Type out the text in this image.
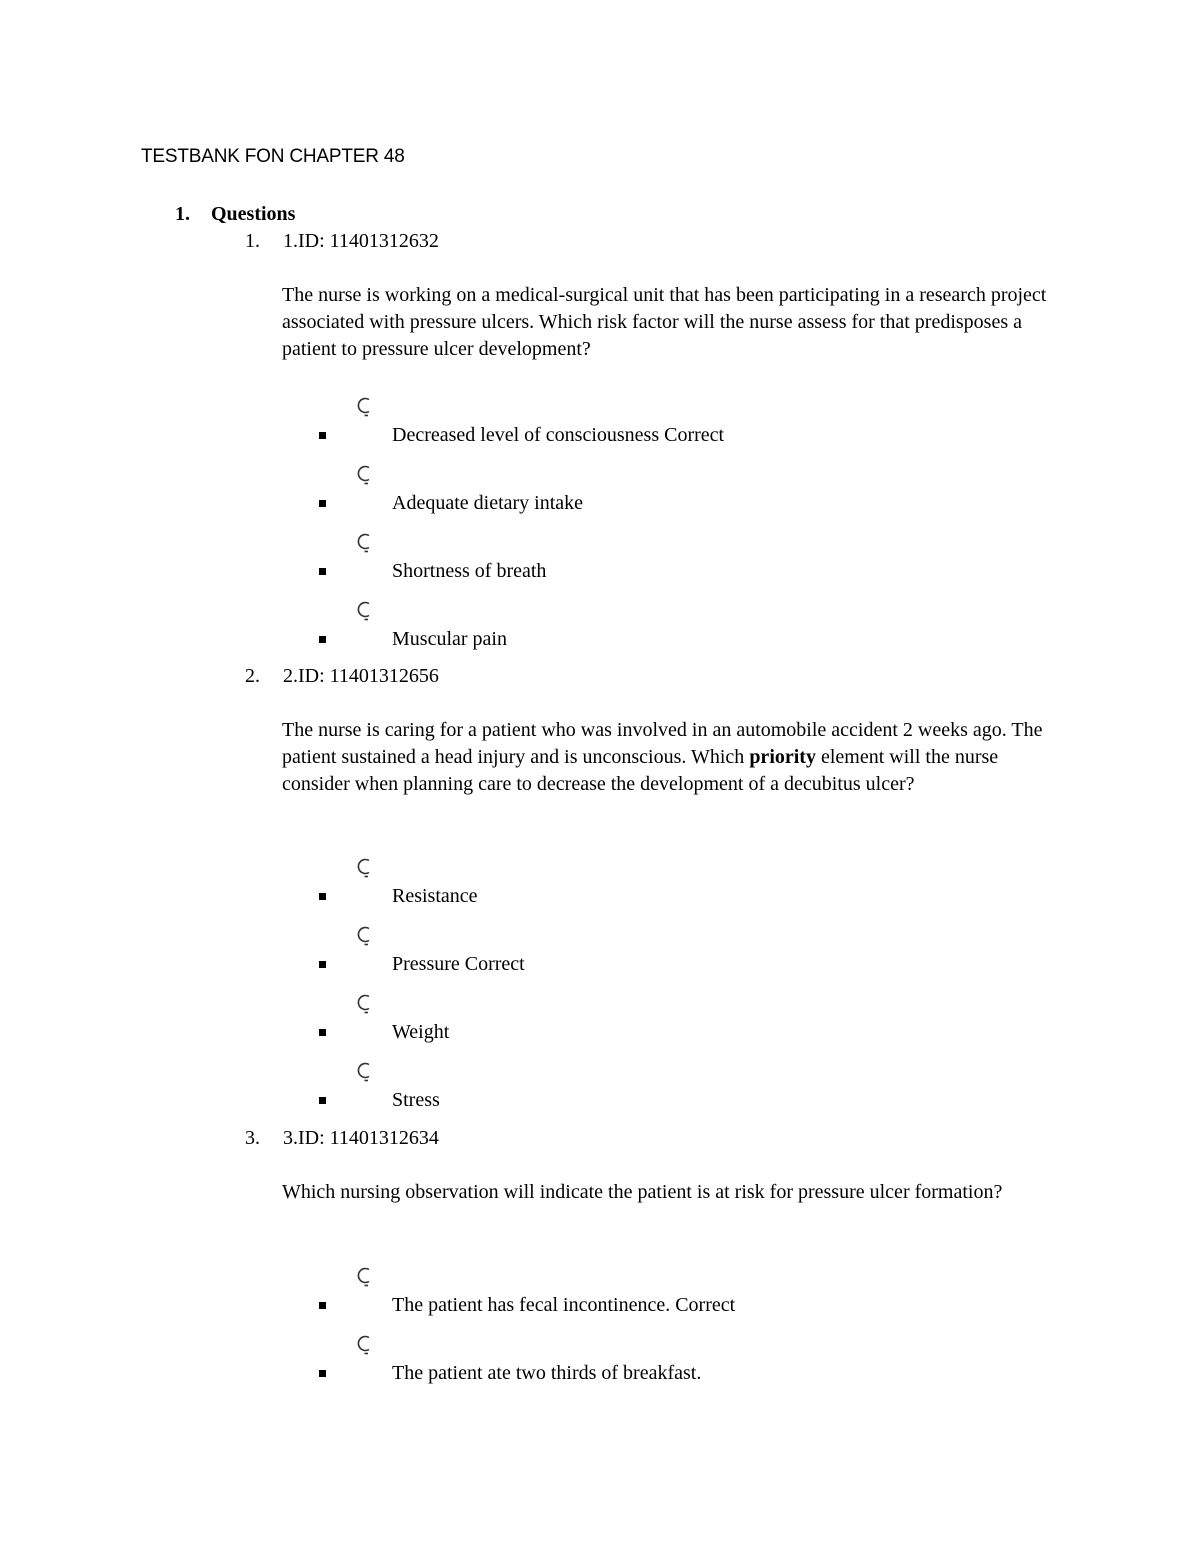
TESTBANK FON CHAPTER 48
1. Questions
1. 1.ID: 11401312632
The nurse is working on a medical-surgical unit that has been participating in a research project associated with pressure ulcers. Which risk factor will the nurse assess for that predisposes a patient to pressure ulcer development?
Decreased level of consciousness Correct
Adequate dietary intake
Shortness of breath
Muscular pain
2. 2.ID: 11401312656
The nurse is caring for a patient who was involved in an automobile accident 2 weeks ago. The patient sustained a head injury and is unconscious. Which priority element will the nurse consider when planning care to decrease the development of a decubitus ulcer?
Resistance
Pressure Correct
Weight
Stress
3. 3.ID: 11401312634
Which nursing observation will indicate the patient is at risk for pressure ulcer formation?
The patient has fecal incontinence. Correct
The patient ate two thirds of breakfast.
